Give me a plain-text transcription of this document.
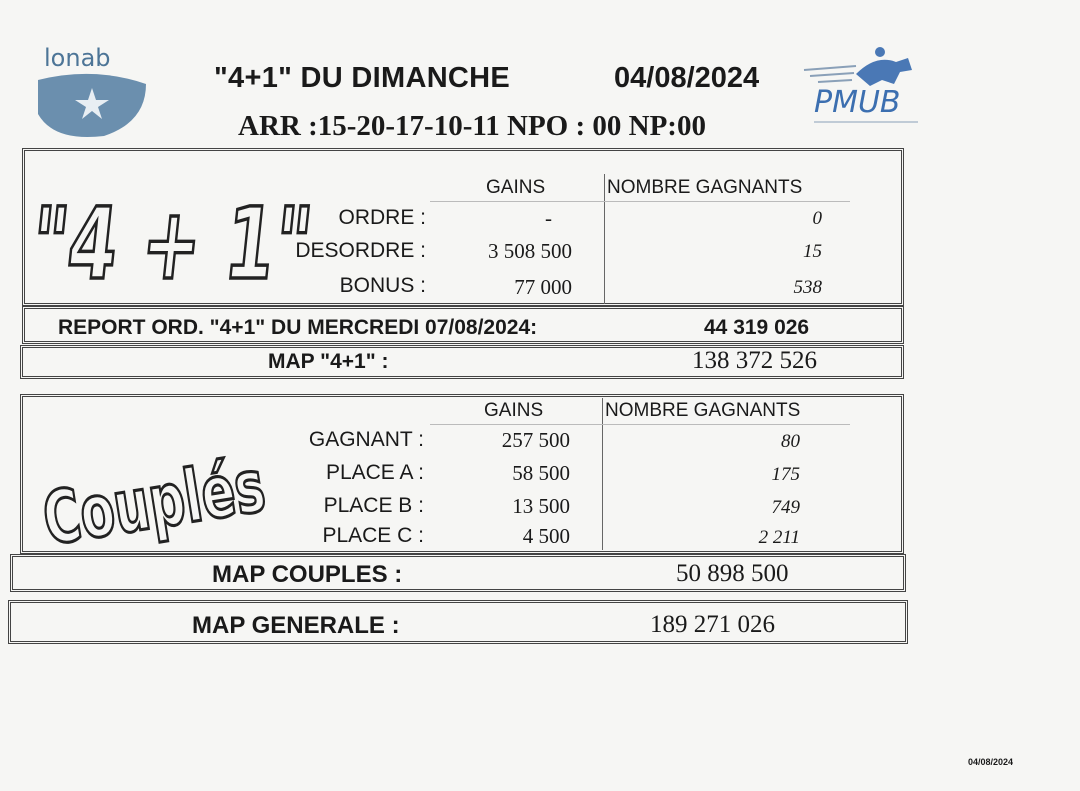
lonab
"4+1" DU DIMANCHE	04/08/2024
ARR :15-20-17-10-11 NPO : 00 NP:00
PMUB
"4 + 1"	GAINS	NOMBRE GAGNANTS
ORDRE :	-	0
DESORDRE :	3 508 500	15
BONUS :	77 000	538
REPORT ORD. "4+1" DU MERCREDI 07/08/2024:	44 319 026
MAP "4+1" :	138 372 526
Couplés
GAINS	NOMBRE GAGNANTS
GAGNANT :	257 500	80
PLACE A :	58 500	175
PLACE B :	13 500	749
PLACE C :	4 500	2 211
MAP COUPLES :	50 898 500
MAP GENERALE :	189 271 026
04/08/2024
